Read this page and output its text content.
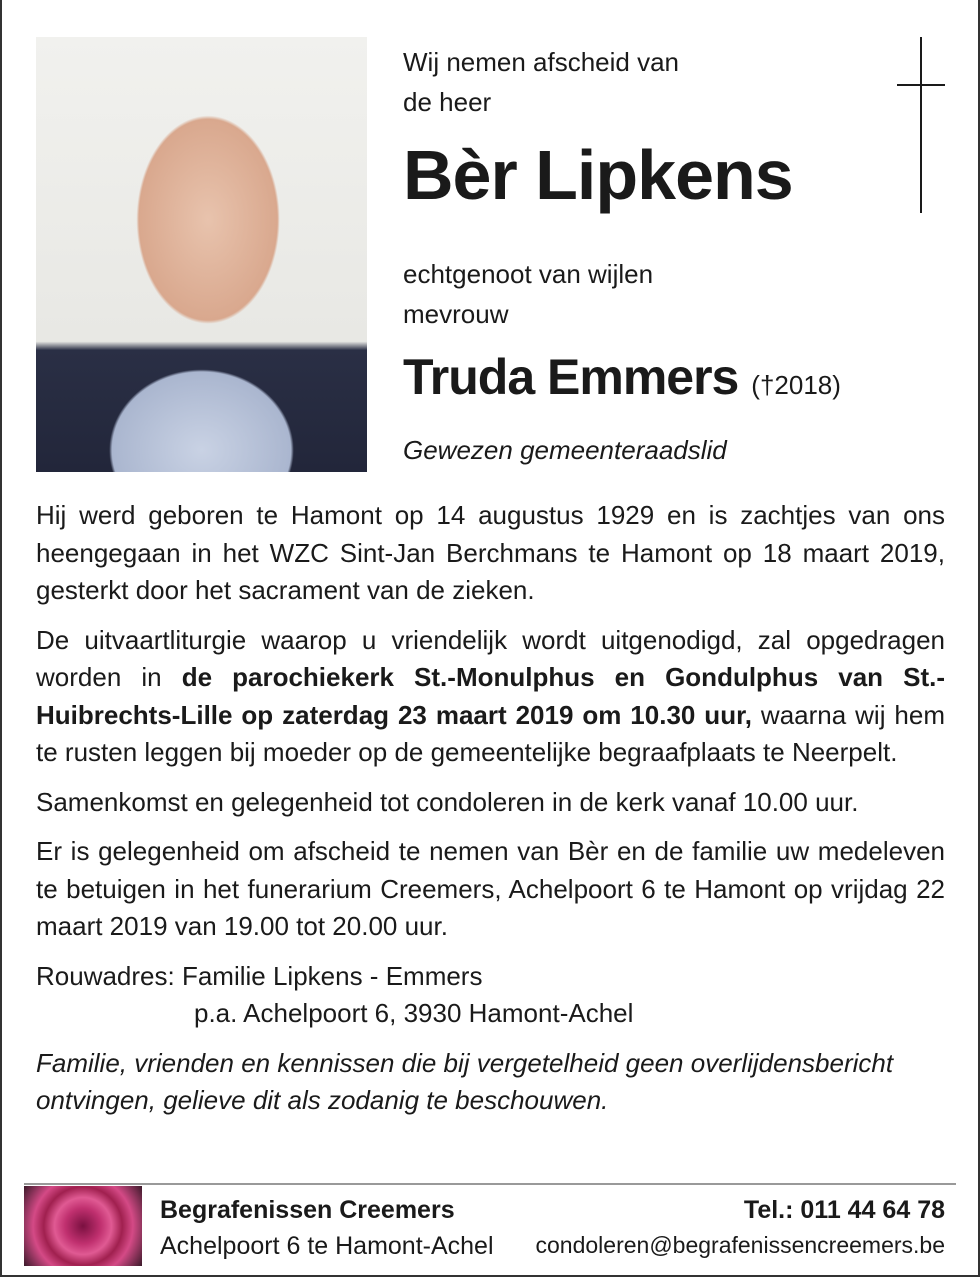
Wij nemen afscheid van
de heer
Bèr Lipkens
echtgenoot van wijlen
mevrouw
Truda Emmers (†2018)
Gewezen gemeenteraadslid

Hij werd geboren te Hamont op 14 augustus 1929 en is zachtjes van ons heengegaan in het WZC Sint-Jan Berchmans te Hamont op 18 maart 2019, gesterkt door het sacrament van de zieken.

De uitvaartliturgie waarop u vriendelijk wordt uitgenodigd, zal opgedragen worden in de parochiekerk St.-Monulphus en Gondulphus van St.-Huibrechts-Lille op zaterdag 23 maart 2019 om 10.30 uur, waarna wij hem te rusten leggen bij moeder op de gemeentelijke begraafplaats te Neerpelt.

Samenkomst en gelegenheid tot condoleren in de kerk vanaf 10.00 uur.

Er is gelegenheid om afscheid te nemen van Bèr en de familie uw medeleven te betuigen in het funerarium Creemers, Achelpoort 6 te Hamont op vrijdag 22 maart 2019 van 19.00 tot 20.00 uur.

Rouwadres: Familie Lipkens - Emmers
p.a. Achelpoort 6, 3930 Hamont-Achel

Familie, vrienden en kennissen die bij vergetelheid geen overlijdensbericht ontvingen, gelieve dit als zodanig te beschouwen.

Begrafenissen Creemers
Achelpoort 6 te Hamont-Achel
Tel.: 011 44 64 78
condoleren@begrafenissencreemers.be
